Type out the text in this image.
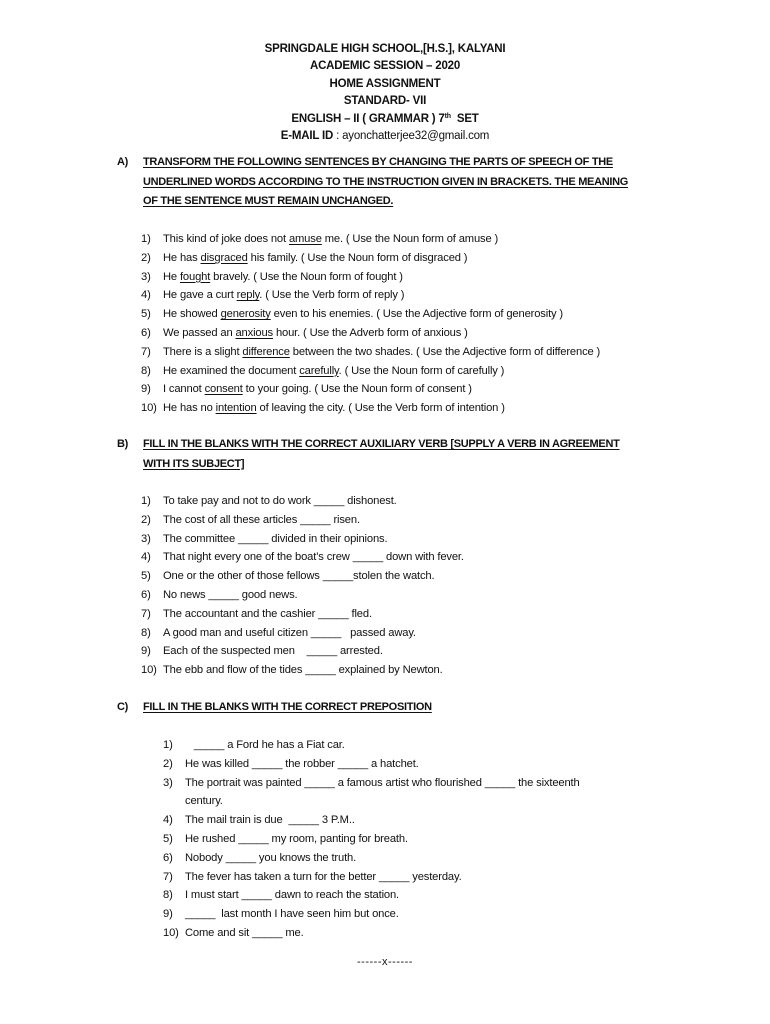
SPRINGDALE HIGH SCHOOL,[H.S.], KALYANI
ACADEMIC SESSION – 2020
HOME ASSIGNMENT
STANDARD- VII
ENGLISH – II ( GRAMMAR ) 7th SET
E-MAIL ID : ayonchatterjee32@gmail.com
A) TRANSFORM THE FOLLOWING SENTENCES BY CHANGING THE PARTS OF SPEECH OF THE
UNDERLINED WORDS ACCORDING TO THE INSTRUCTION GIVEN IN BRACKETS. THE MEANING
OF THE SENTENCE MUST REMAIN UNCHANGED.
1) This kind of joke does not amuse me. ( Use the Noun form of amuse )
2) He has disgraced his family. ( Use the Noun form of disgraced )
3) He fought bravely. ( Use the Noun form of fought )
4) He gave a curt reply. ( Use the Verb form of reply )
5) He showed generosity even to his enemies. ( Use the Adjective form of generosity )
6) We passed an anxious hour. ( Use the Adverb form of anxious )
7) There is a slight difference between the two shades. ( Use the Adjective form of difference )
8) He examined the document carefully. ( Use the Noun form of carefully )
9) I cannot consent to your going. ( Use the Noun form of consent )
10) He has no intention of leaving the city. ( Use the Verb form of intention )
B) FILL IN THE BLANKS WITH THE CORRECT AUXILIARY VERB [SUPPLY A VERB IN AGREEMENT
WITH ITS SUBJECT]
1) To take pay and not to do work _____ dishonest.
2) The cost of all these articles _____ risen.
3) The committee _____ divided in their opinions.
4) That night every one of the boat’s crew _____ down with fever.
5) One or the other of those fellows _____stolen the watch.
6) No news _____ good news.
7) The accountant and the cashier _____ fled.
8) A good man and useful citizen _____   passed away.
9) Each of the suspected men    _____ arrested.
10) The ebb and flow of the tides _____ explained by Newton.
C) FILL IN THE BLANKS WITH THE CORRECT PREPOSITION
1) _____ a Ford he has a Fiat car.
2) He was killed _____ the robber _____ a hatchet.
3) The portrait was painted _____ a famous artist who flourished _____ the sixteenth
century.
4) The mail train is due  _____ 3 P.M..
5) He rushed _____ my room, panting for breath.
6) Nobody _____ you knows the truth.
7) The fever has taken a turn for the better _____ yesterday.
8) I must start _____ dawn to reach the station.
9) _____  last month I have seen him but once.
10) Come and sit _____ me.
------x------
